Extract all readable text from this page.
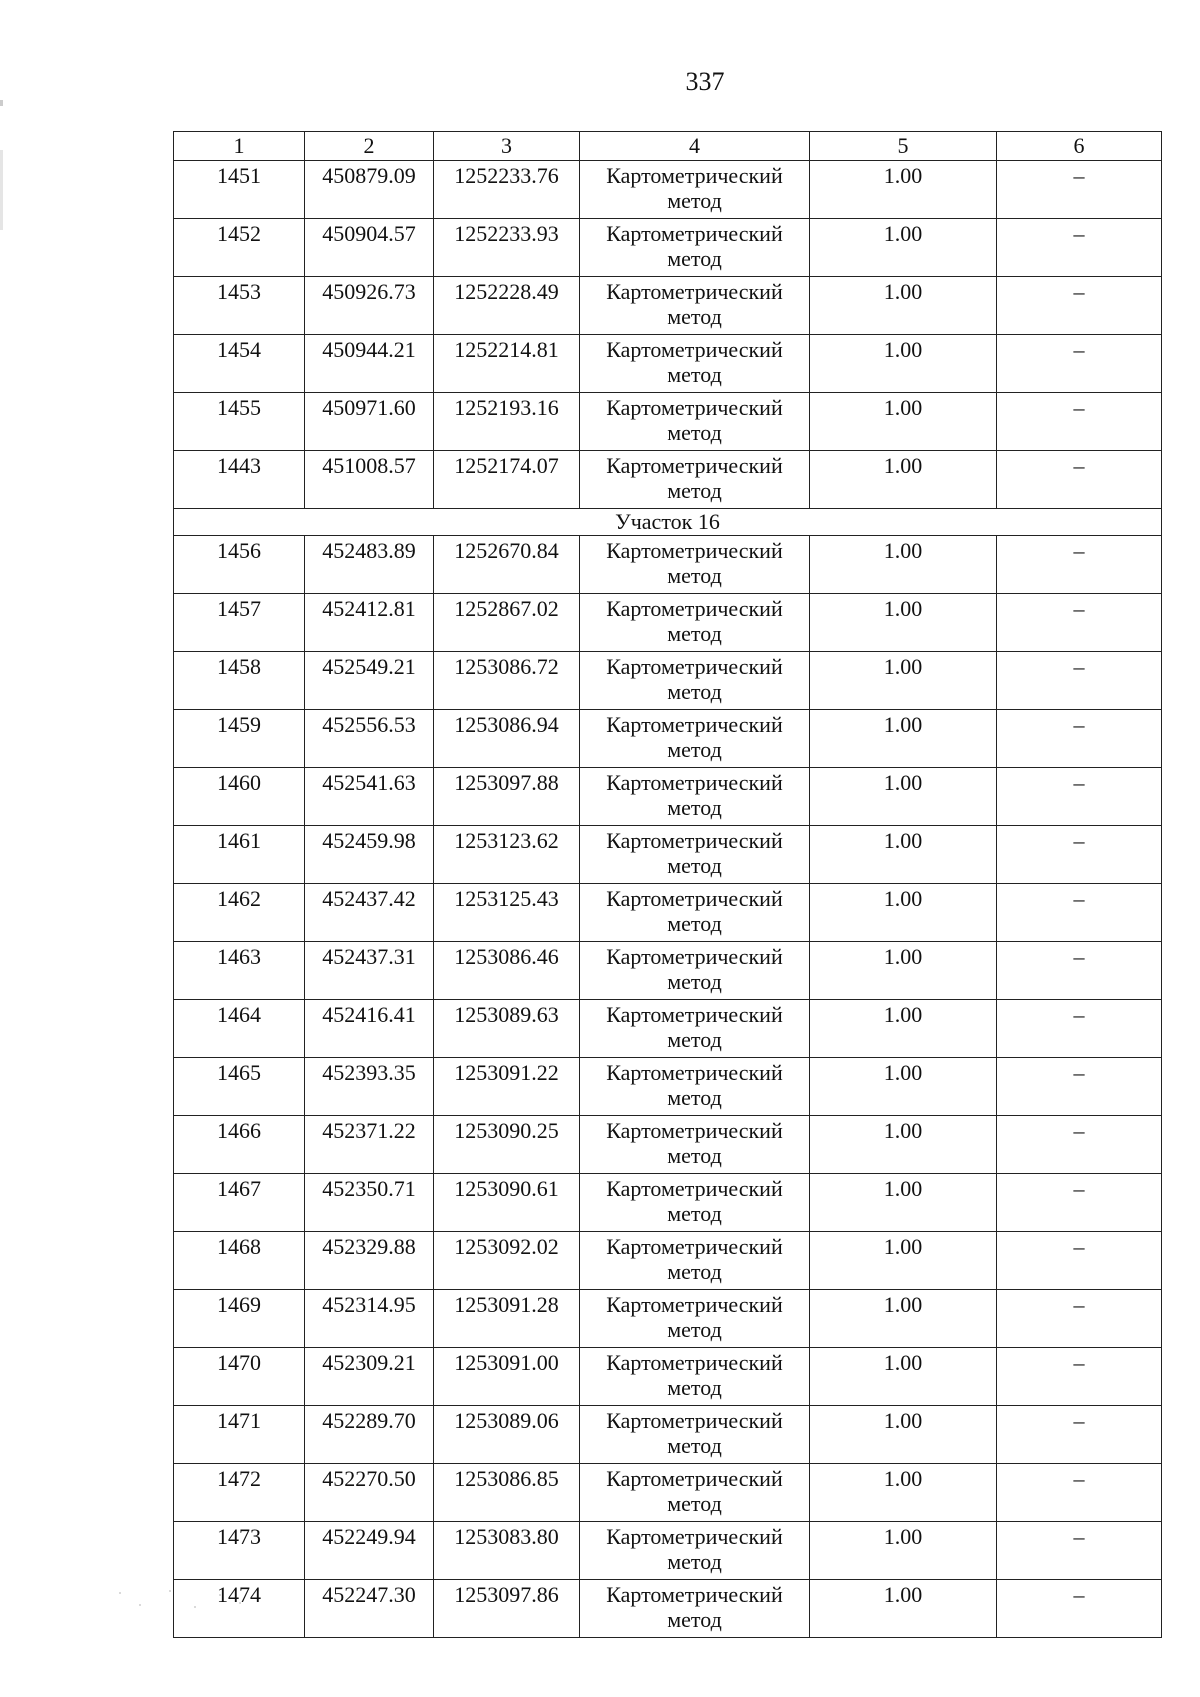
337
1	2	3	4	5	6
1451	450879.09	1252233.76	Картометрический метод	1.00	–
1452	450904.57	1252233.93	Картометрический метод	1.00	–
1453	450926.73	1252228.49	Картометрический метод	1.00	–
1454	450944.21	1252214.81	Картометрический метод	1.00	–
1455	450971.60	1252193.16	Картометрический метод	1.00	–
1443	451008.57	1252174.07	Картометрический метод	1.00	–
Участок 16					
1456	452483.89	1252670.84	Картометрический метод	1.00	–
1457	452412.81	1252867.02	Картометрический метод	1.00	–
1458	452549.21	1253086.72	Картометрический метод	1.00	–
1459	452556.53	1253086.94	Картометрический метод	1.00	–
1460	452541.63	1253097.88	Картометрический метод	1.00	–
1461	452459.98	1253123.62	Картометрический метод	1.00	–
1462	452437.42	1253125.43	Картометрический метод	1.00	–
1463	452437.31	1253086.46	Картометрический метод	1.00	–
1464	452416.41	1253089.63	Картометрический метод	1.00	–
1465	452393.35	1253091.22	Картометрический метод	1.00	–
1466	452371.22	1253090.25	Картометрический метод	1.00	–
1467	452350.71	1253090.61	Картометрический метод	1.00	–
1468	452329.88	1253092.02	Картометрический метод	1.00	–
1469	452314.95	1253091.28	Картометрический метод	1.00	–
1470	452309.21	1253091.00	Картометрический метод	1.00	–
1471	452289.70	1253089.06	Картометрический метод	1.00	–
1472	452270.50	1253086.85	Картометрический метод	1.00	–
1473	452249.94	1253083.80	Картометрический метод	1.00	–
1474	452247.30	1253097.86	Картометрический метод	1.00	–
